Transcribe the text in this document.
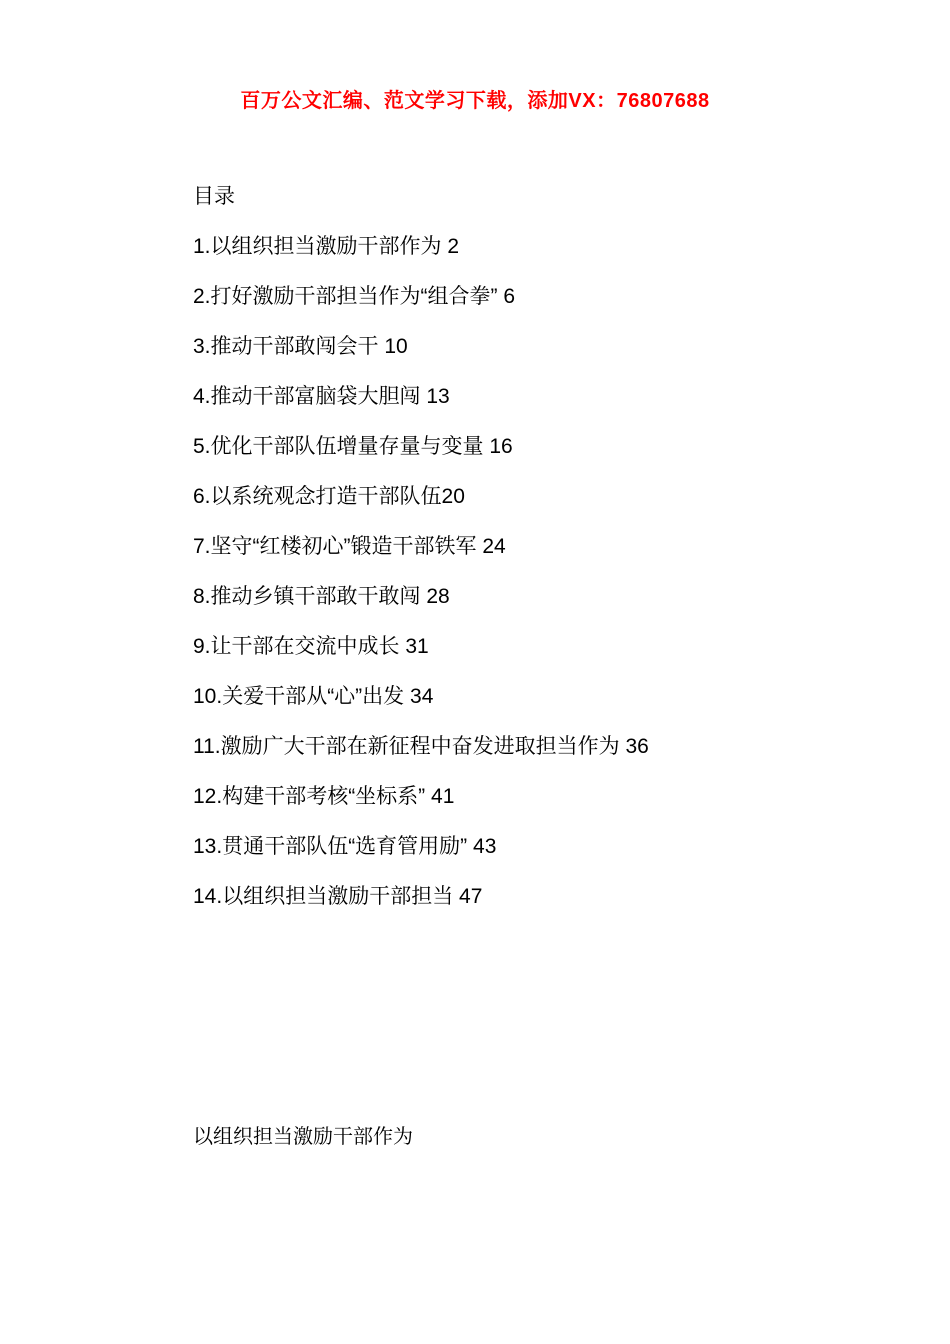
百万公文汇编、范文学习下载，添加VX：76807688
目录
1.以组织担当激励干部作为 2
2.打好激励干部担当作为“组合拳” 6
3.推动干部敢闯会干 10
4.推动干部富脑袋大胆闯 13
5.优化干部队伍增量存量与变量 16
6.以系统观念打造干部队伍20
7.坚守“红楼初心”锻造干部铁军 24
8.推动乡镇干部敢干敢闯 28
9.让干部在交流中成长 31
10.关爱干部从“心”出发 34
11.激励广大干部在新征程中奋发进取担当作为 36
12.构建干部考核“坐标系” 41
13.贯通干部队伍“选育管用励” 43
14.以组织担当激励干部担当 47
以组织担当激励干部作为
